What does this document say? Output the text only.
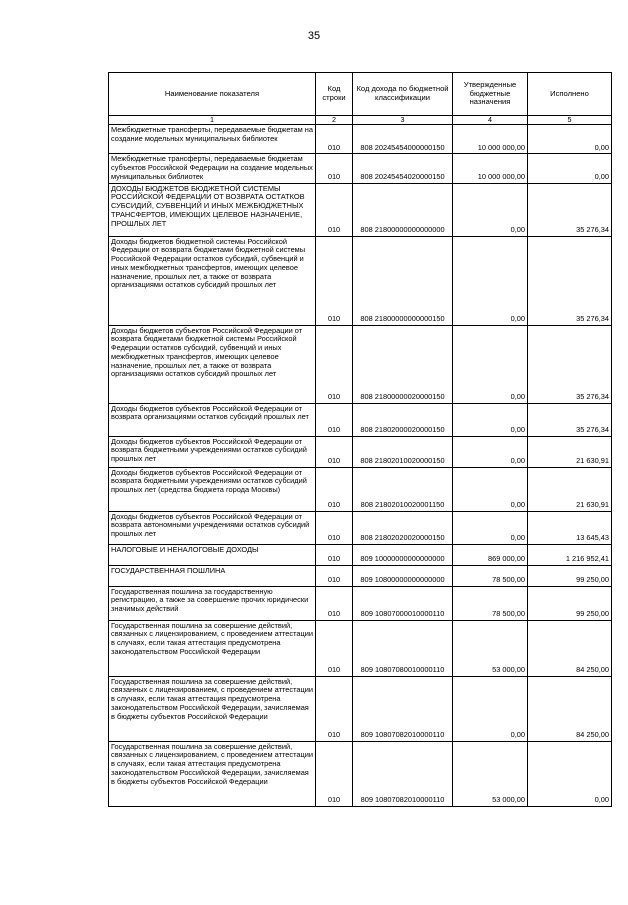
35
Наименование показателя	Код строки	Код дохода по бюджетной классификации	Утвержденные бюджетные назначения	Исполнено
1	2	3	4	5
Межбюджетные трансферты, передаваемые бюджетам на создание модельных муниципальных библиотек	010	808 20245454000000150	10 000 000,00	0,00
Межбюджетные трансферты, передаваемые бюджетам субъектов Российской Федерации на создание модельных муниципальных библиотек	010	808 20245454020000150	10 000 000,00	0,00
ДОХОДЫ БЮДЖЕТОВ БЮДЖЕТНОЙ СИСТЕМЫ РОССИЙСКОЙ ФЕДЕРАЦИИ ОТ ВОЗВРАТА ОСТАТКОВ СУБСИДИЙ, СУБВЕНЦИЙ И ИНЫХ МЕЖБЮДЖЕТНЫХ ТРАНСФЕРТОВ, ИМЕЮЩИХ ЦЕЛЕВОЕ НАЗНАЧЕНИЕ, ПРОШЛЫХ ЛЕТ	010	808 21800000000000000	0,00	35 276,34
Доходы бюджетов бюджетной системы Российской Федерации от возврата бюджетами бюджетной системы Российской Федерации остатков субсидий, субвенций и иных межбюджетных трансфертов, имеющих целевое назначение, прошлых лет, а также от возврата организациями остатков субсидий прошлых лет	010	808 21800000000000150	0,00	35 276,34
Доходы бюджетов субъектов Российской Федерации от возврата бюджетами бюджетной системы Российской Федерации остатков субсидий, субвенций и иных межбюджетных трансфертов, имеющих целевое назначение, прошлых лет, а также от возврата организациями остатков субсидий прошлых лет	010	808 21800000020000150	0,00	35 276,34
Доходы бюджетов субъектов Российской Федерации от возврата организациями остатков субсидий прошлых лет	010	808 21802000020000150	0,00	35 276,34
Доходы бюджетов субъектов Российской Федерации от возврата бюджетными учреждениями остатков субсидий прошлых лет	010	808 21802010020000150	0,00	21 630,91
Доходы бюджетов субъектов Российской Федерации от возврата бюджетными учреждениями остатков субсидий прошлых лет (средства бюджета города Москвы)	010	808 21802010020001150	0,00	21 630,91
Доходы бюджетов субъектов Российской Федерации от возврата автономными учреждениями остатков субсидий прошлых лет	010	808 21802020020000150	0,00	13 645,43
НАЛОГОВЫЕ И НЕНАЛОГОВЫЕ ДОХОДЫ	010	809 10000000000000000	869 000,00	1 216 952,41
ГОСУДАРСТВЕННАЯ ПОШЛИНА	010	809 10800000000000000	78 500,00	99 250,00
Государственная пошлина за государственную регистрацию, а также за совершение прочих юридически значимых действий	010	809 10807000010000110	78 500,00	99 250,00
Государственная пошлина за совершение действий, связанных с лицензированием, с проведением аттестации в случаях, если такая аттестация предусмотрена законодательством Российской Федерации	010	809 10807080010000110	53 000,00	84 250,00
Государственная пошлина за совершение действий, связанных с лицензированием, с проведением аттестации в случаях, если такая аттестация предусмотрена законодательством Российской Федерации, зачисляемая в бюджеты субъектов Российской Федерации	010	809 10807082010000110	0,00	84 250,00
Государственная пошлина за совершение действий, связанных с лицензированием, с проведением аттестации в случаях, если такая аттестация предусмотрена законодательством Российской Федерации, зачисляемая в бюджеты субъектов Российской Федерации	010	809 10807082010000110	53 000,00	0,00
